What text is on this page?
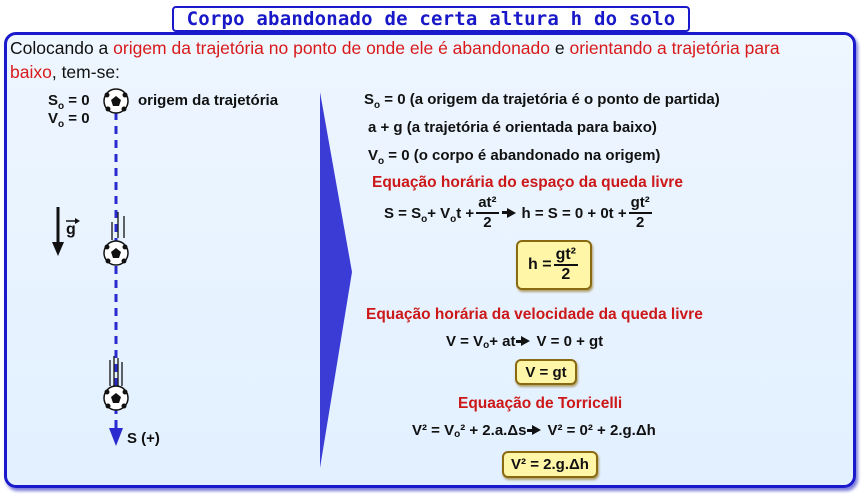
Corpo abandonado de certa altura h do solo
Colocando a origem da trajetória no ponto de onde ele é abandonado e orientando a trajetória para
baixo, tem-se:
$S_o = 0$
$V_o = 0$
origem da trajetória
g
S (+)
$S_o = 0$ (a origem da trajetória é o ponto de partida)
a + g (a trajetória é orientada para baixo)
$V_o = 0$ (o corpo é abandonado na origem)
Equação horária do espaço da queda livre
$S = S_o + V_o$ $t + \frac{\text{at²}}{2}$ $h = S = 0 + 0t + \frac{\text{gt²}}{2}$
$h = \frac{\text{gt²}}{2}$
Equação horária da velocidade da queda livre
$V = V_o$ + at V = 0 + gt
V = gt
Equaação de Torricelli
$V^2 = V_o$ ² + 2.a.Δs V² = 0² + 2.g.Δh
V² = 2.g.Δh
